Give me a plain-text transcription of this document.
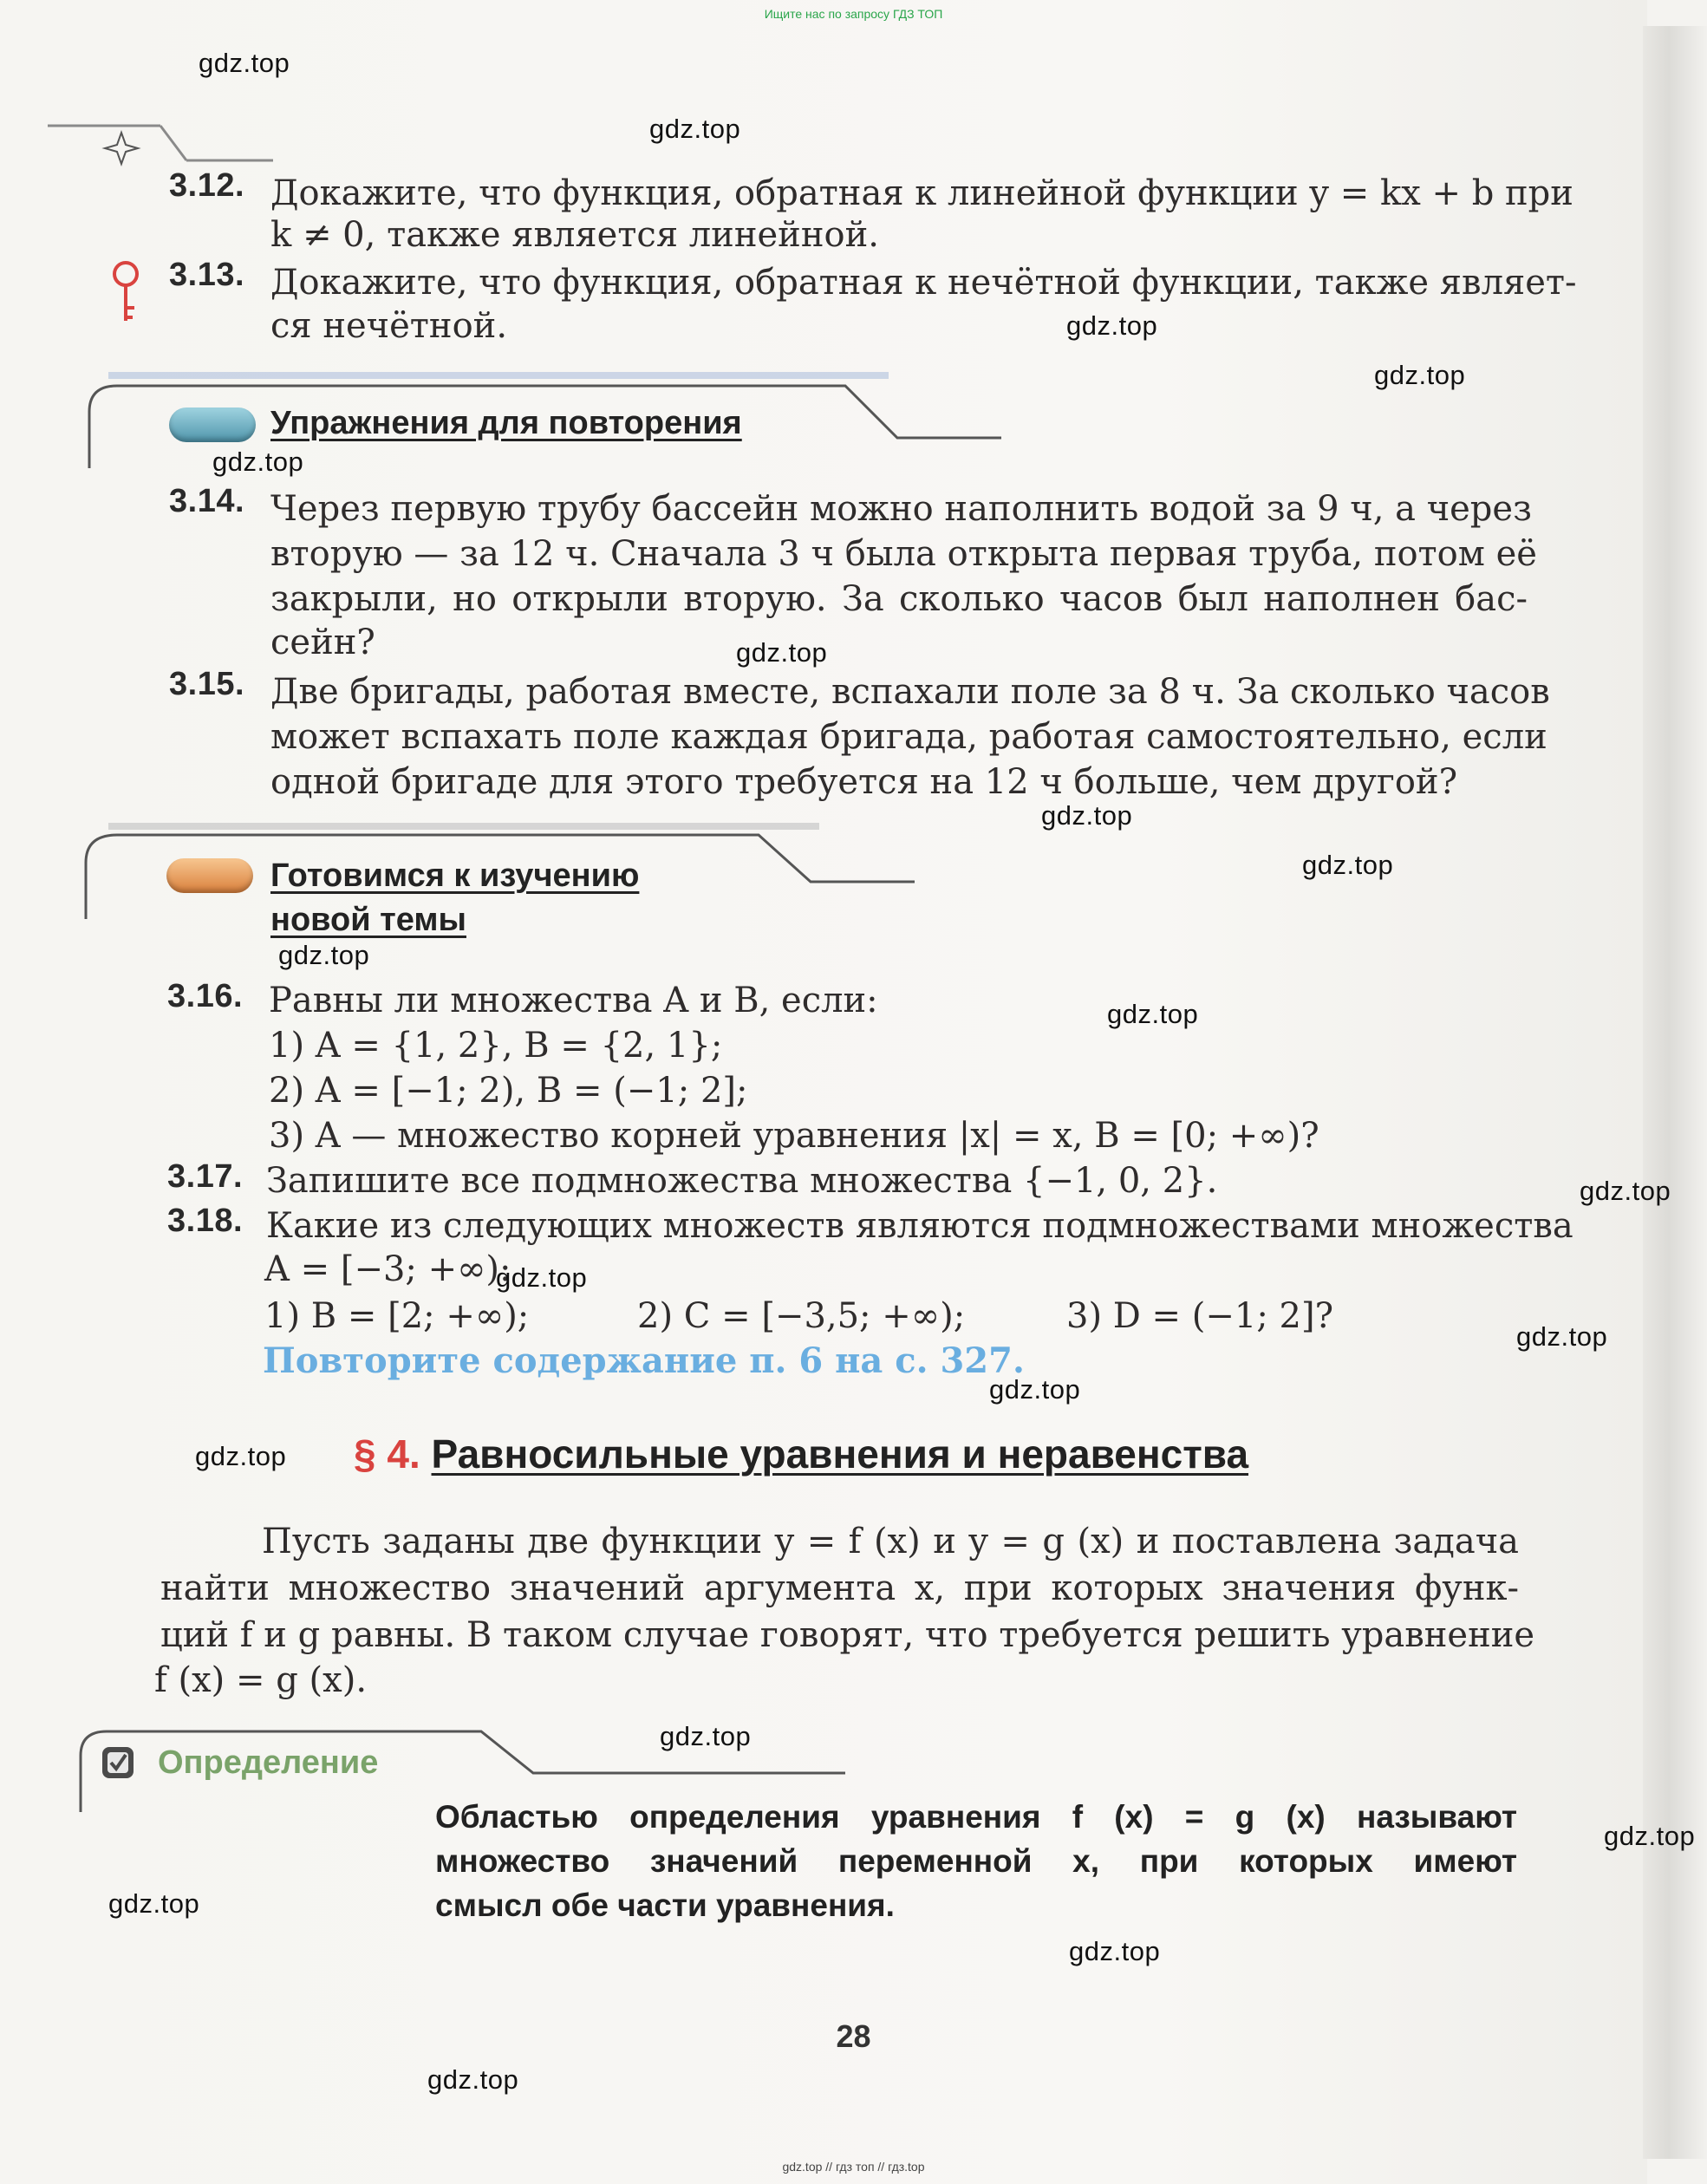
Ищите нас по запросу ГДЗ ТОП
3.12. Докажите, что функция, обратная к линейной функции y = kx + b при
k ≠ 0, также является линейной.
3.13. Докажите, что функция, обратная к нечётной функции, также являет-
ся нечётной.
Упражнения для повторения
3.14. Через первую трубу бассейн можно наполнить водой за 9 ч, а через
вторую — за 12 ч. Сначала 3 ч была открыта первая труба, потом её
закрыли, но открыли вторую. За сколько часов был наполнен бас-
сейн?
3.15. Две бригады, работая вместе, вспахали поле за 8 ч. За сколько часов
может вспахать поле каждая бригада, работая самостоятельно, если
одной бригаде для этого требуется на 12 ч больше, чем другой?
Готовимся к изучению
новой темы
3.16. Равны ли множества A и B, если:
1) A = {1, 2}, B = {2, 1};
2) A = [−1; 2), B = (−1; 2];
3) A — множество корней уравнения |x| = x, B = [0; +∞)?
3.17. Запишите все подмножества множества {−1, 0, 2}.
3.18. Какие из следующих множеств являются подмножествами множества
A = [−3; +∞):
1) B = [2; +∞);	2) C = [−3,5; +∞);	3) D = (−1; 2]?
Повторите содержание п. 6 на с. 327.
§ 4. Равносильные уравнения и неравенства
Пусть заданы две функции y = f (x) и y = g (x) и поставлена задача
найти множество значений аргумента x, при которых значения функ-
ций f и g равны. В таком случае говорят, что требуется решить уравнение
f (x) = g (x).
Определение
Областью определения уравнения f (x) = g (x) называют
множество значений переменной x, при которых имеют
смысл обе части уравнения.
28
gdz.top
gdz.top
gdz.top
gdz.top
gdz.top
gdz.top
gdz.top
gdz.top
gdz.top
gdz.top
gdz.top
gdz.top
gdz.top
gdz.top
gdz.top
gdz.top
gdz.top
gdz.top
gdz.top
gdz.top
gdz.top // гдз топ // гдз.top
